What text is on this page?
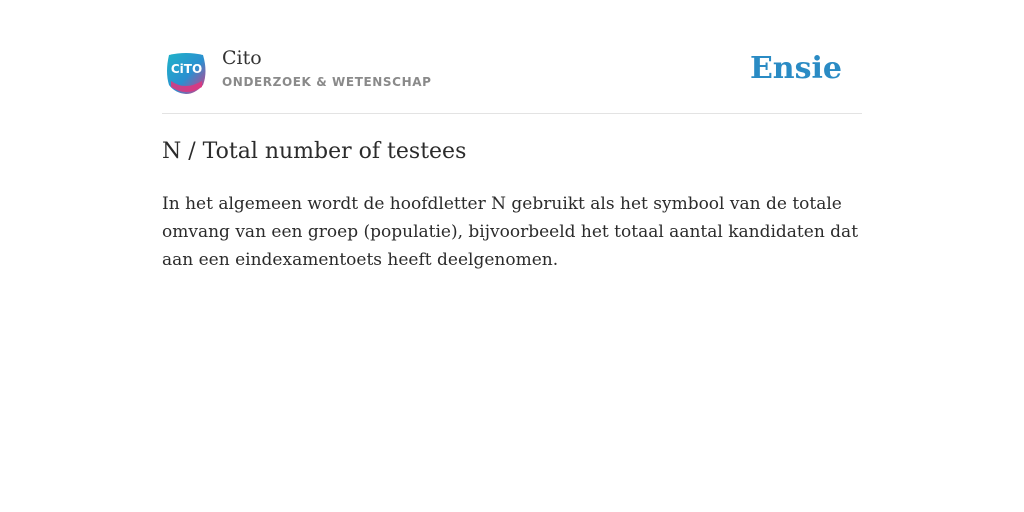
CiTO Cito
ONDERZOEK & WETENSCHAP	Ensie
N / Total number of testees

In het algemeen wordt de hoofdletter N gebruikt als het symbool van de totale omvang van een groep (populatie), bijvoorbeeld het totaal aantal kandidaten dat aan een eindexamentoets heeft deelgenomen.
